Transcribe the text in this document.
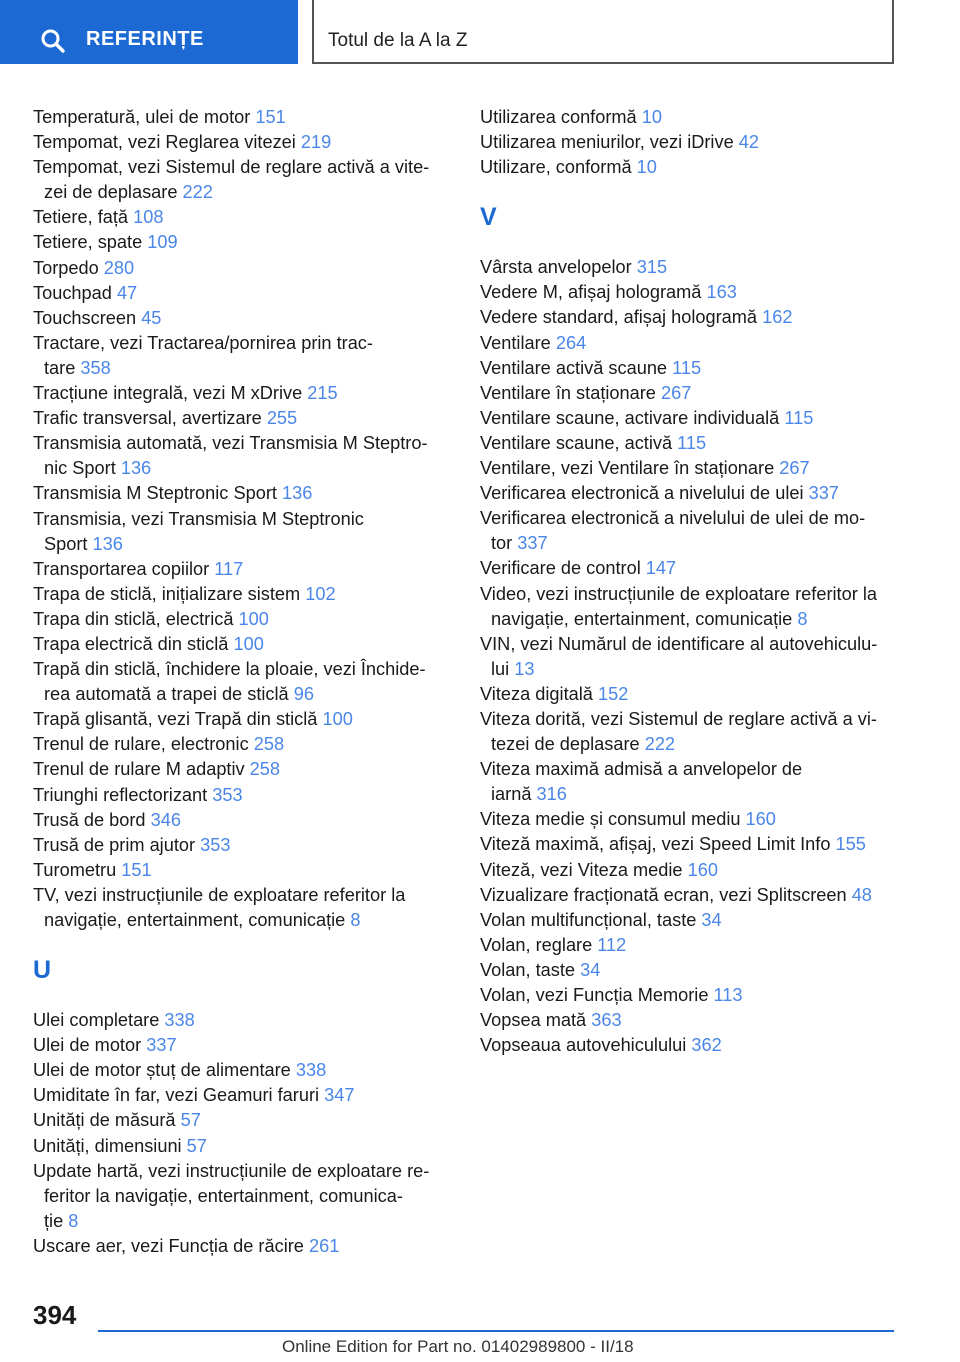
REFERINȚE	Totul de la A la Z
Temperatură, ulei de motor 151
Tempomat, vezi Reglarea vitezei 219
Tempomat, vezi Sistemul de reglare activă a vite-
zei de deplasare 222
Tetiere, față 108
Tetiere, spate 109
Torpedo 280
Touchpad 47
Touchscreen 45
Tractare, vezi Tractarea/pornirea prin trac-
tare 358
Tracțiune integrală, vezi M xDrive 215
Trafic transversal, avertizare 255
Transmisia automată, vezi Transmisia M Steptro-
nic Sport 136
Transmisia M Steptronic Sport 136
Transmisia, vezi Transmisia M Steptronic
Sport 136
Transportarea copiilor 117
Trapa de sticlă, inițializare sistem 102
Trapa din sticlă, electrică 100
Trapa electrică din sticlă 100
Trapă din sticlă, închidere la ploaie, vezi Închide-
rea automată a trapei de sticlă 96
Trapă glisantă, vezi Trapă din sticlă 100
Trenul de rulare, electronic 258
Trenul de rulare M adaptiv 258
Triunghi reflectorizant 353
Trusă de bord 346
Trusă de prim ajutor 353
Turometru 151
TV, vezi instrucțiunile de exploatare referitor la
navigație, entertainment, comunicație 8
U
Ulei completare 338
Ulei de motor 337
Ulei de motor ștuț de alimentare 338
Umiditate în far, vezi Geamuri faruri 347
Unități de măsură 57
Unități, dimensiuni 57
Update hartă, vezi instrucțiunile de exploatare re-
feritor la navigație, entertainment, comunica-
ție 8
Uscare aer, vezi Funcția de răcire 261
Utilizarea conformă 10
Utilizarea meniurilor, vezi iDrive 42
Utilizare, conformă 10
V
Vârsta anvelopelor 315
Vedere M, afișaj hologramă 163
Vedere standard, afișaj hologramă 162
Ventilare 264
Ventilare activă scaune 115
Ventilare în staționare 267
Ventilare scaune, activare individuală 115
Ventilare scaune, activă 115
Ventilare, vezi Ventilare în staționare 267
Verificarea electronică a nivelului de ulei 337
Verificarea electronică a nivelului de ulei de mo-
tor 337
Verificare de control 147
Video, vezi instrucțiunile de exploatare referitor la
navigație, entertainment, comunicație 8
VIN, vezi Numărul de identificare al autovehiculu-
lui 13
Viteza digitală 152
Viteza dorită, vezi Sistemul de reglare activă a vi-
tezei de deplasare 222
Viteza maximă admisă a anvelopelor de
iarnă 316
Viteza medie și consumul mediu 160
Viteză maximă, afișaj, vezi Speed Limit Info 155
Viteză, vezi Viteza medie 160
Vizualizare fracționată ecran, vezi Splitscreen 48
Volan multifuncțional, taste 34
Volan, reglare 112
Volan, taste 34
Volan, vezi Funcția Memorie 113
Vopsea mată 363
Vopseaua autovehiculului 362
394
Online Edition for Part no. 01402989800 - II/18
